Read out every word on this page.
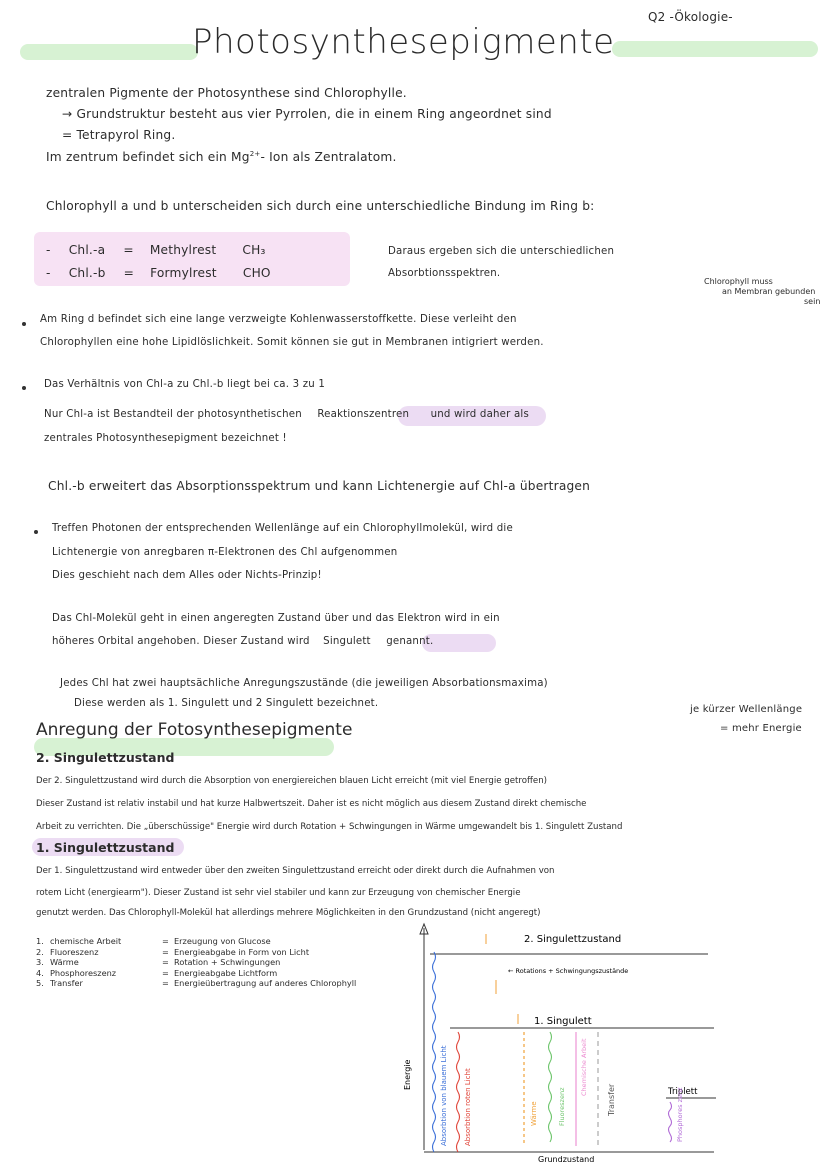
Q2 -Ökologie-
Photosynthesepigmente
zentralen Pigmente der Photosynthese sind Chlorophylle.
→ Grundstruktur besteht aus vier Pyrrolen, die in einem Ring angeordnet sind
= Tetrapyrol Ring.
Im zentrum befindet sich ein $Mg^{2+}-$ Ion als Zentralatom.
Chlorophyll a und b unterscheiden sich durch eine unterschiedliche Bindung im Ring b:
- Chl.-a = Methylrest CH₃
- Chl.-b = Formylrest CHO
Daraus ergeben sich die unterschiedlichen
Absorbtionsspektren.
Chlorophyll muss
an Membran gebunden
sein
Am Ring d befindet sich eine lange verzweigte Kohlenwasserstoffkette. Diese verleiht den
Chlorophyllen eine hohe Lipidlöslichkeit. Somit können sie gut in Membranen intigriert werden.
Das Verhältnis von Chl-a zu Chl.-b liegt bei ca. 3 zu 1
Nur Chl-a ist Bestandteil der photosynthetischen Reaktionszentren und wird daher als
zentrales Photosynthesepigment bezeichnet !
Chl.-b erweitert das Absorptionsspektrum und kann Lichtenergie auf Chl-a übertragen
Treffen Photonen der entsprechenden Wellenlänge auf ein Chlorophyllmolekül, wird die
Lichtenergie von anregbaren π-Elektronen des Chl aufgenommen
Dies geschieht nach dem Alles oder Nichts-Prinzip!
Das Chl-Molekül geht in einen angeregten Zustand über und das Elektron wird in ein
höheres Orbital angehoben. Dieser Zustand wird Singulett genannt.
Jedes Chl hat zwei hauptsächliche Anregungszustände (die jeweiligen Absorbationsmaxima)
Diese werden als 1. Singulett und 2 Singulett bezeichnet.
je kürzer Wellenlänge
= mehr Energie
Anregung der Fotosynthesepigmente
2. Singulettzustand
Der 2. Singulettzustand wird durch die Absorption von energiereichen blauen Licht erreicht (mit viel Energie getroffen)
Dieser Zustand ist relativ instabil und hat kurze Halbwertszeit. Daher ist es nicht möglich aus diesem Zustand direkt chemische
Arbeit zu verrichten. Die „überschüssige" Energie wird durch Rotation + Schwingungen in Wärme umgewandelt bis 1. Singulett Zustand
1. Singulettzustand
Der 1. Singulettzustand wird entweder über den zweiten Singulettzustand erreicht oder direkt durch die Aufnahmen von
rotem Licht (energiearm"). Dieser Zustand ist sehr viel stabiler und kann zur Erzeugung von chemischer Energie
genutzt werden. Das Chlorophyll-Molekül hat allerdings mehrere Möglichkeiten in den Grundzustand (nicht angeregt)
1. chemische Arbeit	= Erzeugung von Glucose
2. Fluoreszenz	= Energieabgabe in Form von Licht
3. Wärme	= Rotation + Schwingungen
4. Phosphoreszenz	= Energieabgabe Lichtform
5. Transfer	= Energieübertragung auf anderes Chlorophyll
Energie
2. Singulettzustand
← Rotations + Schwingungszustände
1. Singulett
Triplett
Grundzustand
Absorbtion von blauem Licht Absorbtion roten Licht	Wärme	Fluoreszenz
Chemische Arbeit
Transfer	Phosphores zenz
